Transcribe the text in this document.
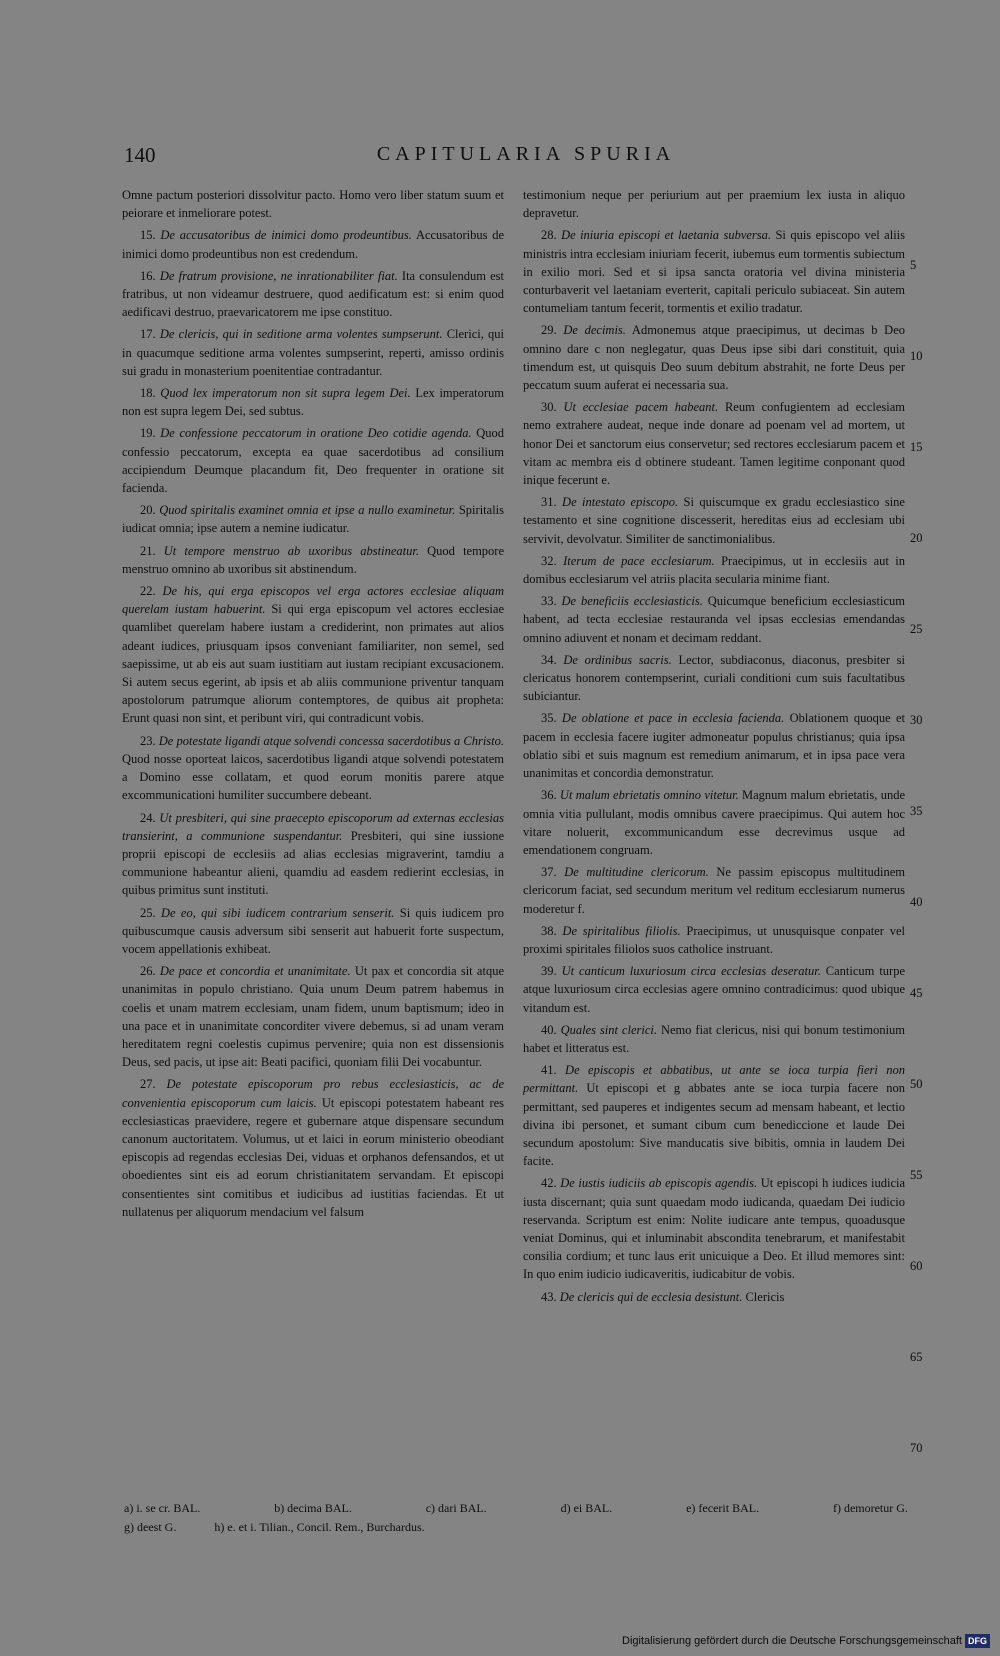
140	CAPITULARIA SPURIA

Omne pactum posteriori dissolvitur pacto. Homo vero liber statum suum et peiorare et inmeliorare potest.

15. De accusatoribus de inimici domo prodeuntibus. Accusatoribus de inimici domo prodeuntibus non est credendum.

16. De fratrum provisione, ne inrationabiliter fiat. Ita consulendum est fratribus, ut non videamur destruere, quod aedificatum est: si enim quod aedificavi destruo, praevaricatorem me ipse constituo.

17. De clericis, qui in seditione arma volentes sumpserunt. Clerici, qui in quacumque seditione arma volentes sumpserint, reperti, amisso ordinis sui gradu in monasterium poenitentiae contradantur.

18. Quod lex imperatorum non sit supra legem Dei. Lex imperatorum non est supra legem Dei, sed subtus.

19. De confessione peccatorum in oratione Deo cotidie agenda. Quod confessio peccatorum, excepta ea quae sacerdotibus ad consilium accipiendum Deumque placandum fit, Deo frequenter in oratione sit facienda.

20. Quod spiritalis examinet omnia et ipse a nullo examinetur. Spiritalis iudicat omnia; ipse autem a nemine iudicatur.

21. Ut tempore menstruo ab uxoribus abstineatur. Quod tempore menstruo omnino ab uxoribus sit abstinendum.

22. De his, qui erga episcopos vel erga actores ecclesiae aliquam querelam iustam habuerint. Si qui erga episcopum vel actores ecclesiae quamlibet querelam habere iustam a crediderint, non primates aut alios adeant iudices, priusquam ipsos conveniant familiariter, non semel, sed saepissime, ut ab eis aut suam iustitiam aut iustam recipiant excusacionem. Si autem secus egerint, ab ipsis et ab aliis communione priventur tanquam apostolorum patrumque aliorum contemptores, de quibus ait propheta: Erunt quasi non sint, et peribunt viri, qui contradicunt vobis.

23. De potestate ligandi atque solvendi concessa sacerdotibus a Christo. Quod nosse oporteat laicos, sacerdotibus ligandi atque solvendi potestatem a Domino esse collatam, et quod eorum monitis parere atque excommunicationi humiliter succumbere debeant.

24. Ut presbiteri, qui sine praecepto episcoporum ad externas ecclesias transierint, a communione suspendantur. Presbiteri, qui sine iussione proprii episcopi de ecclesiis ad alias ecclesias migraverint, tamdiu a communione habeantur alieni, quamdiu ad easdem redierint ecclesias, in quibus primitus sunt instituti.

25. De eo, qui sibi iudicem contrarium senserit. Si quis iudicem pro quibuscumque causis adversum sibi senserit aut habuerit forte suspectum, vocem appellationis exhibeat.

26. De pace et concordia et unanimitate. Ut pax et concordia sit atque unanimitas in populo christiano. Quia unum Deum patrem habemus in coelis et unam matrem ecclesiam, unam fidem, unum baptismum; ideo in una pace et in unanimitate concorditer vivere debemus, si ad unam veram hereditatem regni coelestis cupimus pervenire; quia non est dissensionis Deus, sed pacis, ut ipse ait: Beati pacifici, quoniam filii Dei vocabuntur.

27. De potestate episcoporum pro rebus ecclesiasticis, ac de convenientia episcoporum cum laicis. Ut episcopi potestatem habeant res ecclesiasticas praevidere, regere et gubernare atque dispensare secundum canonum auctoritatem. Volumus, ut et laici in eorum ministerio obeodiant episcopis ad regendas ecclesias Dei, viduas et orphanos defensandos, et ut oboedientes sint eis ad eorum christianitatem servandam. Et episcopi consentientes sint comitibus et iudicibus ad iustitias faciendas. Et ut nullatenus per aliquorum mendacium vel falsum

testimonium neque per periurium aut per praemium lex iusta in aliquo depravetur.

28. De iniuria episcopi et laetania subversa. Si quis episcopo vel aliis ministris intra ecclesiam iniuriam fecerit, iubemus eum tormentis subiectum in exilio mori. Sed et si ipsa sancta oratoria vel divina ministeria conturbaverit vel laetaniam everterit, capitali periculo subiaceat. Sin autem contumeliam tantum fecerit, tormentis et exilio tradatur.

29. De decimis. Admonemus atque praecipimus, ut decimas b Deo omnino dare c non neglegatur, quas Deus ipse sibi dari constituit, quia timendum est, ut quisquis Deo suum debitum abstrahit, ne forte Deus per peccatum suum auferat ei necessaria sua.

30. Ut ecclesiae pacem habeant. Reum confugientem ad ecclesiam nemo extrahere audeat, neque inde donare ad poenam vel ad mortem, ut honor Dei et sanctorum eius conservetur; sed rectores ecclesiarum pacem et vitam ac membra eis d obtinere studeant. Tamen legitime conponant quod inique fecerunt e.

31. De intestato episcopo. Si quiscumque ex gradu ecclesiastico sine testamento et sine cognitione discesserit, hereditas eius ad ecclesiam ubi servivit, devolvatur. Similiter de sanctimonialibus.

32. Iterum de pace ecclesiarum. Praecipimus, ut in ecclesiis aut in domibus ecclesiarum vel atriis placita secularia minime fiant.

33. De beneficiis ecclesiasticis. Quicumque beneficium ecclesiasticum habent, ad tecta ecclesiae restauranda vel ipsas ecclesias emendandas omnino adiuvent et nonam et decimam reddant.

34. De ordinibus sacris. Lector, subdiaconus, diaconus, presbiter si clericatus honorem contempserint, curiali conditioni cum suis facultatibus subiciantur.

35. De oblatione et pace in ecclesia facienda. Oblationem quoque et pacem in ecclesia facere iugiter admoneatur populus christianus; quia ipsa oblatio sibi et suis magnum est remedium animarum, et in ipsa pace vera unanimitas et concordia demonstratur.

36. Ut malum ebrietatis omnino vitetur. Magnum malum ebrietatis, unde omnia vitia pullulant, modis omnibus cavere praecipimus. Qui autem hoc vitare noluerit, excommunicandum esse decrevimus usque ad emendationem congruam.

37. De multitudine clericorum. Ne passim episcopus multitudinem clericorum faciat, sed secundum meritum vel reditum ecclesiarum numerus moderetur f.

38. De spiritalibus filiolis. Praecipimus, ut unusquisque conpater vel proximi spiritales filiolos suos catholice instruant.

39. Ut canticum luxuriosum circa ecclesias deseratur. Canticum turpe atque luxuriosum circa ecclesias agere omnino contradicimus: quod ubique vitandum est.

40. Quales sint clerici. Nemo fiat clericus, nisi qui bonum testimonium habet et litteratus est.

41. De episcopis et abbatibus, ut ante se ioca turpia fieri non permittant. Ut episcopi et g abbates ante se ioca turpia facere non permittant, sed pauperes et indigentes secum ad mensam habeant, et lectio divina ibi personet, et sumant cibum cum benediccione et laude Dei secundum apostolum: Sive manducatis sive bibitis, omnia in laudem Dei facite.

42. De iustis iudiciis ab episcopis agendis. Ut episcopi h iudices iudicia iusta discernant; quia sunt quaedam modo iudicanda, quaedam Dei iudicio reservanda. Scriptum est enim: Nolite iudicare ante tempus, quoadusque veniat Dominus, qui et inluminabit abscondita tenebrarum, et manifestabit consilia cordium; et tunc laus erit unicuique a Deo. Et illud memores sint: In quo enim iudicio iudicaveritis, iudicabitur de vobis.

43. De clericis qui de ecclesia desistunt. Clericis

5
10
15
20
25
30
35
40
45
50
55
60
65
70
a) i. se cr. BAL.	b) decima BAL.	c) dari BAL.	d) ei BAL.	e) fecerit BAL.	f) demoretur G.
g) deest G.	h) e. et i. Tilian., Concil. Rem., Burchardus.
Digitalisierung gefördert durch die Deutsche Forschungsgemeinschaft DFG
